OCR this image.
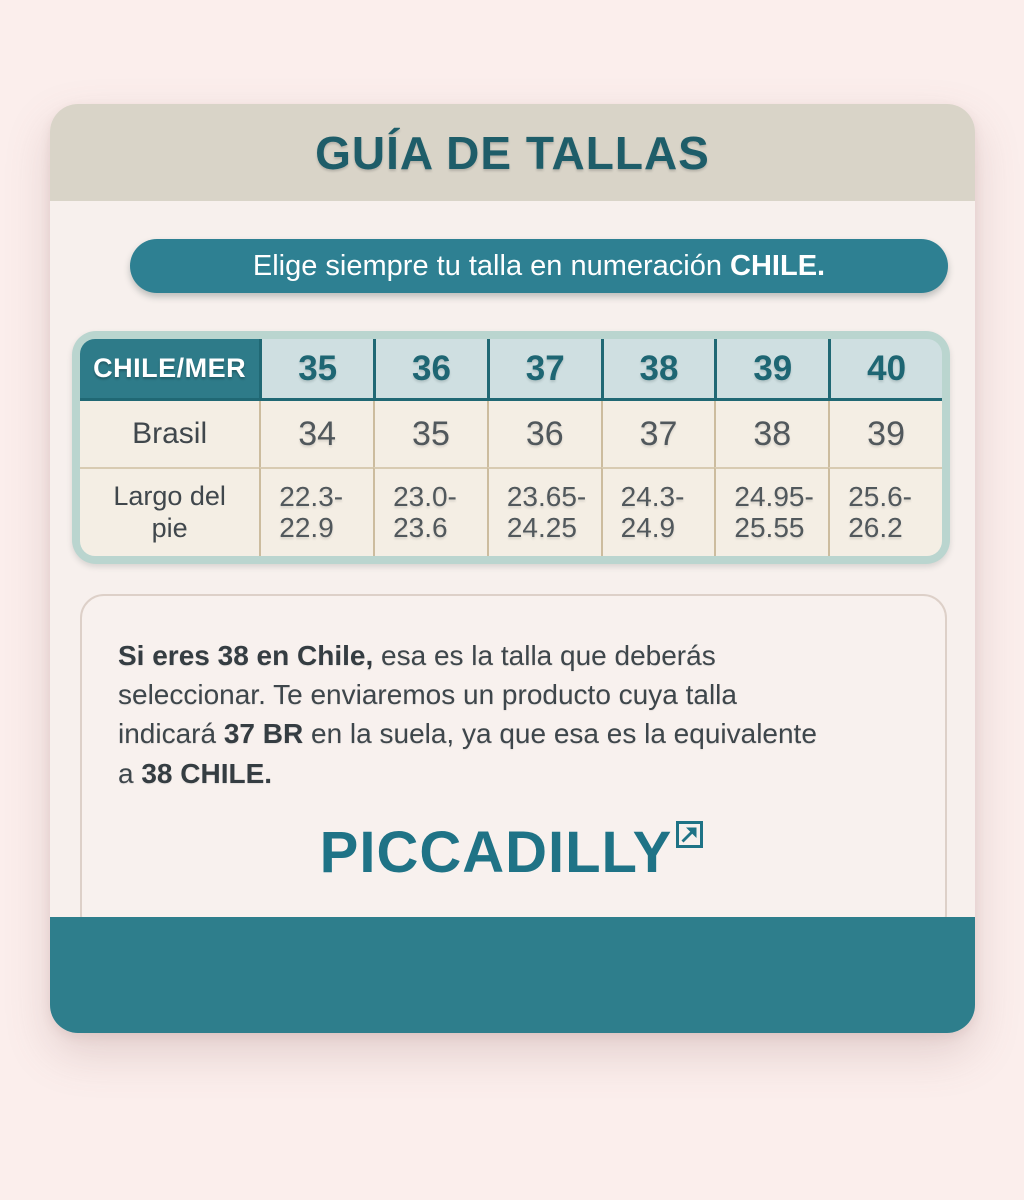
GUÍA DE TALLAS
Elige siempre tu talla en numeración CHILE.
CHILE/MER	35	36	37	38	39	40
Brasil	34	35	36	37	38	39
Largo del pie	22.3-22.9	23.0-23.6	23.65-24.25	24.3-24.9	24.95-25.55	25.6-26.2

Si eres 38 en Chile, esa es la talla que deberás seleccionar. Te enviaremos un producto cuya talla indicará 37 BR en la suela, ya que esa es la equivalente a 38 CHILE.

PICCADILLY
